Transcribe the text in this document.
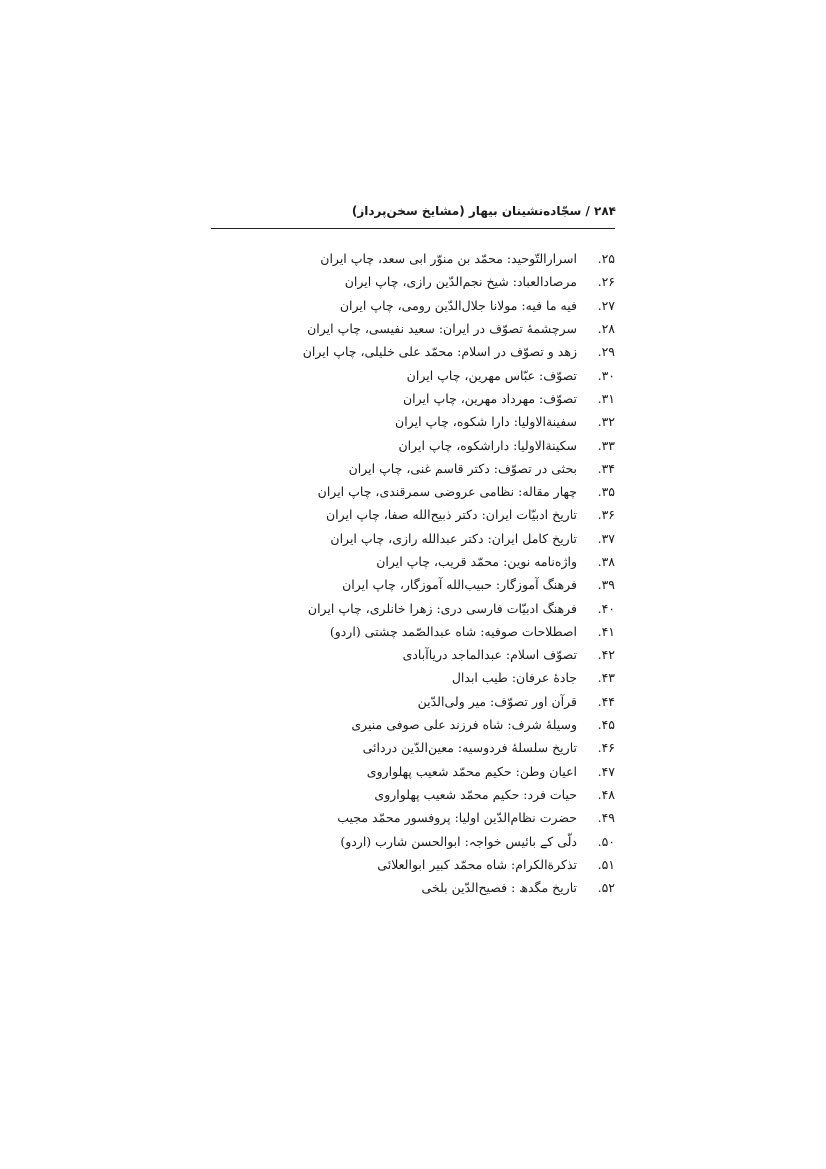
۲۸۴ / سجّاده‌نشینان بیهار (مشایخ سخن‌پرداز)
۲۵.
اسرارالتّوحید: محمّد بن منوّر ابی سعد، چاپ ایران
۲۶.
مرصادالعباد: شیخ نجم‌الدّین رازی، چاپ ایران
۲۷.
فیه ما فیه: مولانا جلال‌الدّین رومی، چاپ ایران
۲۸.
سرچشمهٔ تصوّف در ایران: سعید نفیسی، چاپ ایران
۲۹.
زهد و تصوّف در اسلام: محمّد علی خلیلی، چاپ ایران
۳۰.
تصوّف: عبّاس مهرین، چاپ ایران
۳۱.
تصوّف: مهرداد مهرین، چاپ ایران
۳۲.
سفینةالاولیا: دارا شکوه، چاپ ایران
۳۳.
سکینةالاولیا: داراشکوه، چاپ ایران
۳۴.
بحثی در تصوّف: دکتر قاسم غنی، چاپ ایران
۳۵.
چهار مقاله: نظامی عروضی سمرقندی، چاپ ایران
۳۶.
تاریخ ادبیّات ایران: دکتر ذبیح‌الله صفا، چاپ ایران
۳۷.
تاریخ کامل ایران: دکتر عبدالله رازی، چاپ ایران
۳۸.
واژه‌نامه نوین: محمّد قریب، چاپ ایران
۳۹.
فرهنگ آموزگار: حبیب‌الله آموزگار، چاپ ایران
۴۰.
فرهنگ ادبیّات فارسی دری: زهرا خانلری، چاپ ایران
۴۱.
اصطلاحات صوفیه: شاه عبدالصّمد چشتی (اردو)
۴۲.
تصوّف اسلام: عبدالماجد دریاآبادی
۴۳.
جادهٔ عرفان: طیب ابدال
۴۴.
قرآن اور تصوّف: میر ولی‌الدّین
۴۵.
وسیلهٔ شرف: شاه فرزند علی صوفی منیری
۴۶.
تاریخ سلسلهٔ فردوسیه: معین‌الدّین دردائی
۴۷.
اعیان وطن: حکیم محمّد شعیب پهلواروی
۴۸.
حیات فرد: حکیم محمّد شعیب پهلواروی
۴۹.
حضرت نظام‌الدّین اولیا: پروفسور محمّد مجیب
۵۰.
دلّی کے بائیس خواجہ: ابوالحسن شارب (اردو)
۵۱.
تذکرةالکرام: شاه محمّد کبیر ابوالعلائی
۵۲.
تاریخ مگدھ : فصیح‌الدّین بلخی
